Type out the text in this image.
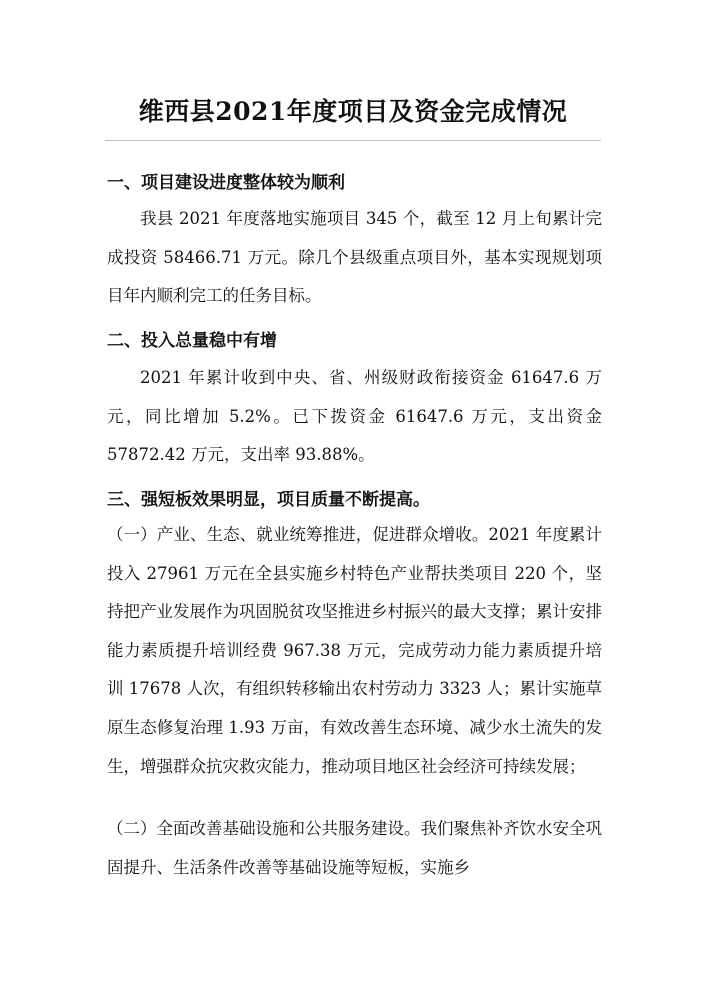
维西县2021年度项目及资金完成情况
一、项目建设进度整体较为顺利

我县 2021 年度落地实施项目 345 个，截至 12 月上旬累计完成投资 58466.71 万元。除几个县级重点项目外，基本实现规划项目年内顺利完工的任务目标。

二、投入总量稳中有增

2021 年累计收到中央、省、州级财政衔接资金 61647.6 万元，同比增加 5.2%。已下拨资金 61647.6 万元，支出资金 57872.42 万元，支出率 93.88%。

三、强短板效果明显，项目质量不断提高。

（一）产业、生态、就业统筹推进，促进群众增收。2021 年度累计投入 27961 万元在全县实施乡村特色产业帮扶类项目 220 个，坚持把产业发展作为巩固脱贫攻坚推进乡村振兴的最大支撑；累计安排能力素质提升培训经费 967.38 万元，完成劳动力能力素质提升培训 17678 人次，有组织转移输出农村劳动力 3323 人；累计实施草原生态修复治理 1.93 万亩，有效改善生态环境、减少水土流失的发生，增强群众抗灾救灾能力，推动项目地区社会经济可持续发展；

（二）全面改善基础设施和公共服务建设。我们聚焦补齐饮水安全巩固提升、生活条件改善等基础设施等短板，实施乡
